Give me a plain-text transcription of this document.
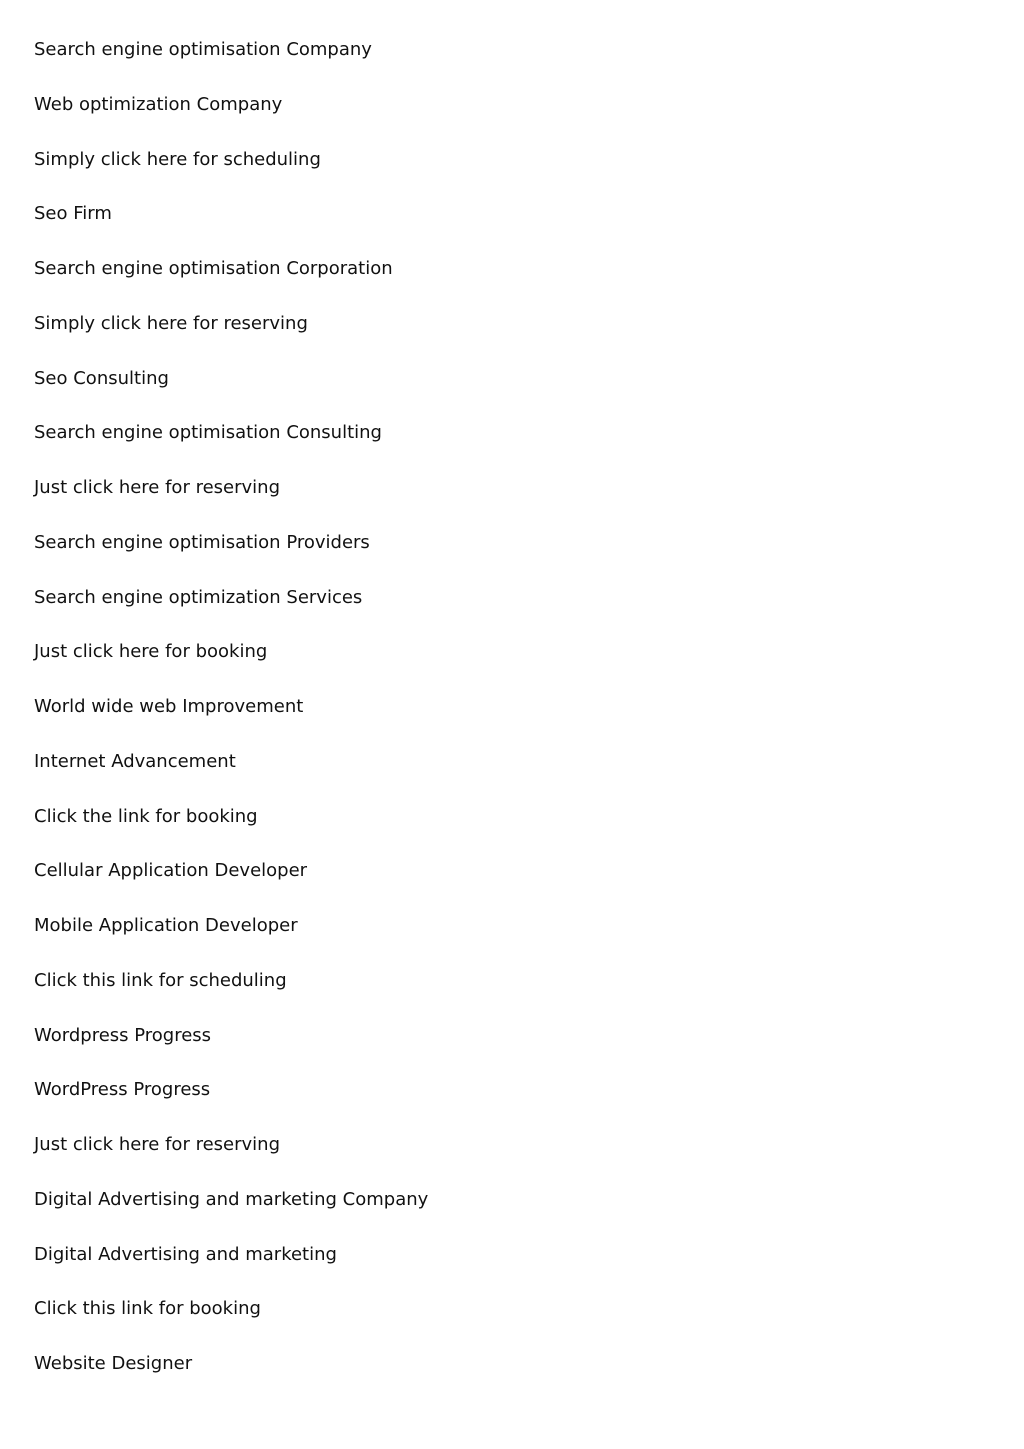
Search engine optimisation Company
Web optimization Company
Simply click here for scheduling
Seo Firm
Search engine optimisation Corporation
Simply click here for reserving
Seo Consulting
Search engine optimisation Consulting
Just click here for reserving
Search engine optimisation Providers
Search engine optimization Services
Just click here for booking
World wide web Improvement
Internet Advancement
Click the link for booking
Cellular Application Developer
Mobile Application Developer
Click this link for scheduling
Wordpress Progress
WordPress Progress
Just click here for reserving
Digital Advertising and marketing Company
Digital Advertising and marketing
Click this link for booking
Website Designer
